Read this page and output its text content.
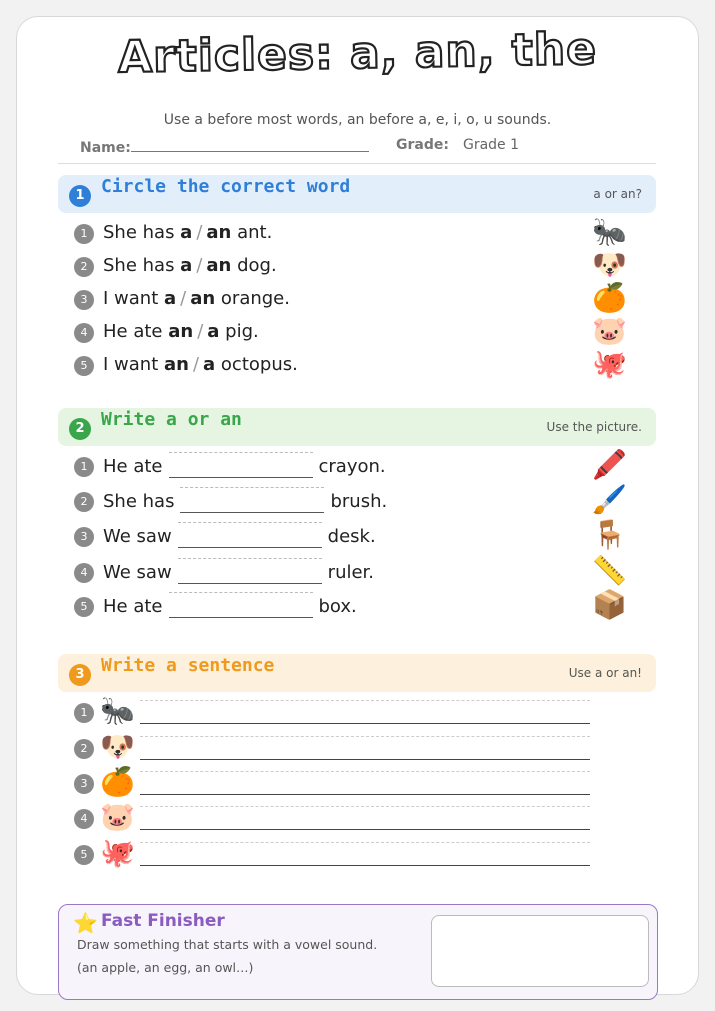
Articles: a, an, the
Use a before most words, an before a, e, i, o, u sounds.
Name:	Grade: Grade 1
1 Circle the correct word	a or an?
1 She has a / an ant.	🐜
2 She has a / an dog.	🐶
3 I want a / an orange.	🍊
4 He ate an / a pig.	🐷
5 I want an / a octopus.	🐙
2 Write a or an	Use the picture.
1 He ate	crayon.	🖍️
2 She has	brush.	🖌️
3 We saw	desk.	🪑
4 We saw	ruler.	📏
5 He ate	box.	📦
3 Write a sentence	Use a or an!
1 🐜
2 🐶
3 🍊
4 🐷
5 🐙
⭐ Fast Finisher
Draw something that starts with a vowel sound.
(an apple, an egg, an owl…)
